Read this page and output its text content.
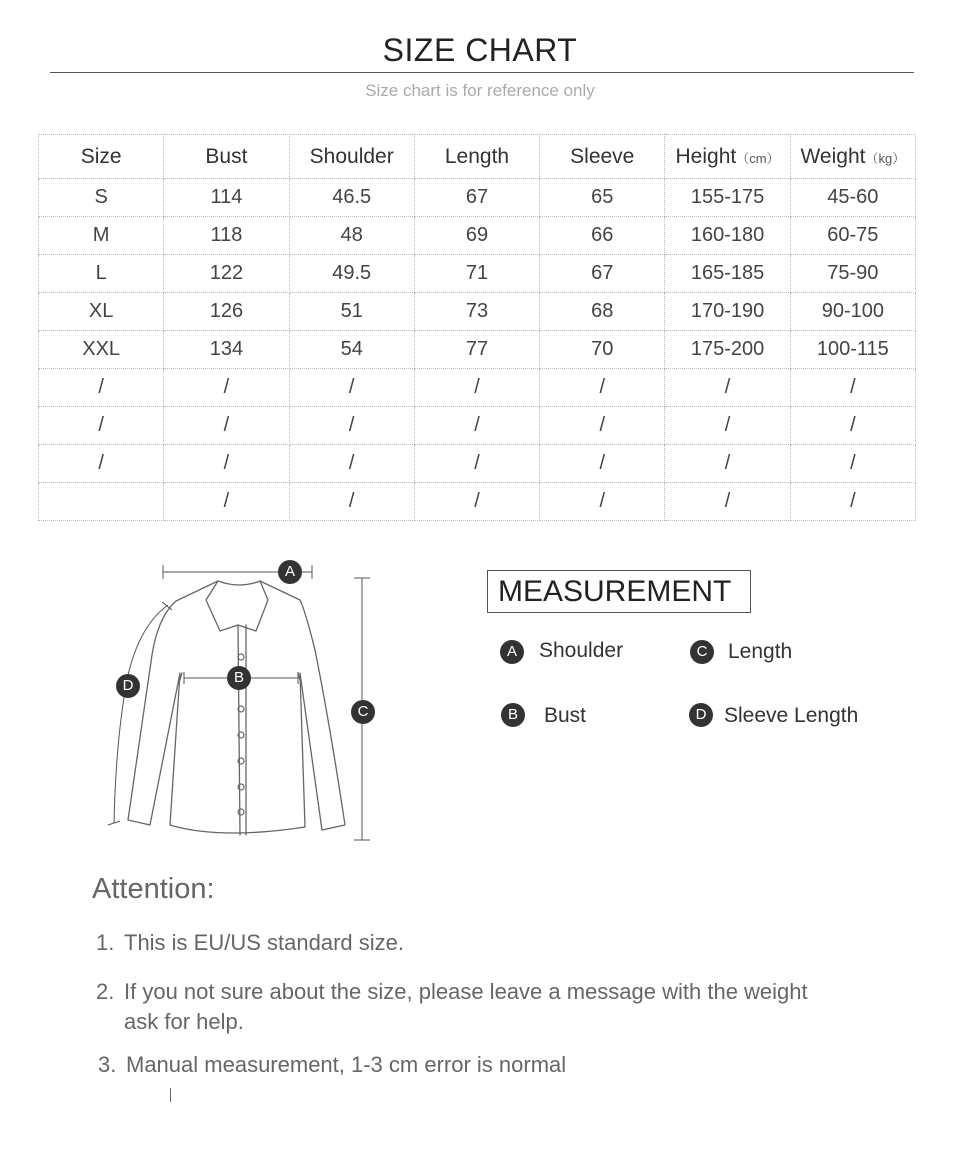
SIZE CHART
Size chart is for reference only
Size	Bust	Shoulder	Length	Sleeve	Height（cm）	Weight（kg）
S	114	46.5	67	65	155-175	45-60
M	118	48	69	66	160-180	60-75
L	122	49.5	71	67	165-185	75-90
XL	126	51	73	68	170-190	90-100
XXL	134	54	77	70	175-200	100-115
/	/	/	/	/	/	/
/	/	/	/	/	/	/
/	/	/	/	/	/	/
	/	/	/	/	/	/
A
B
C
D
MEASUREMENT
A	Shoulder	C Length
B	Bust	D Sleeve Length
Attention:
1. This is EU/US standard size.
2. If you not sure about the size, please leave a message with the weight ask for help.
3. Manual measurement, 1-3 cm error is normal
